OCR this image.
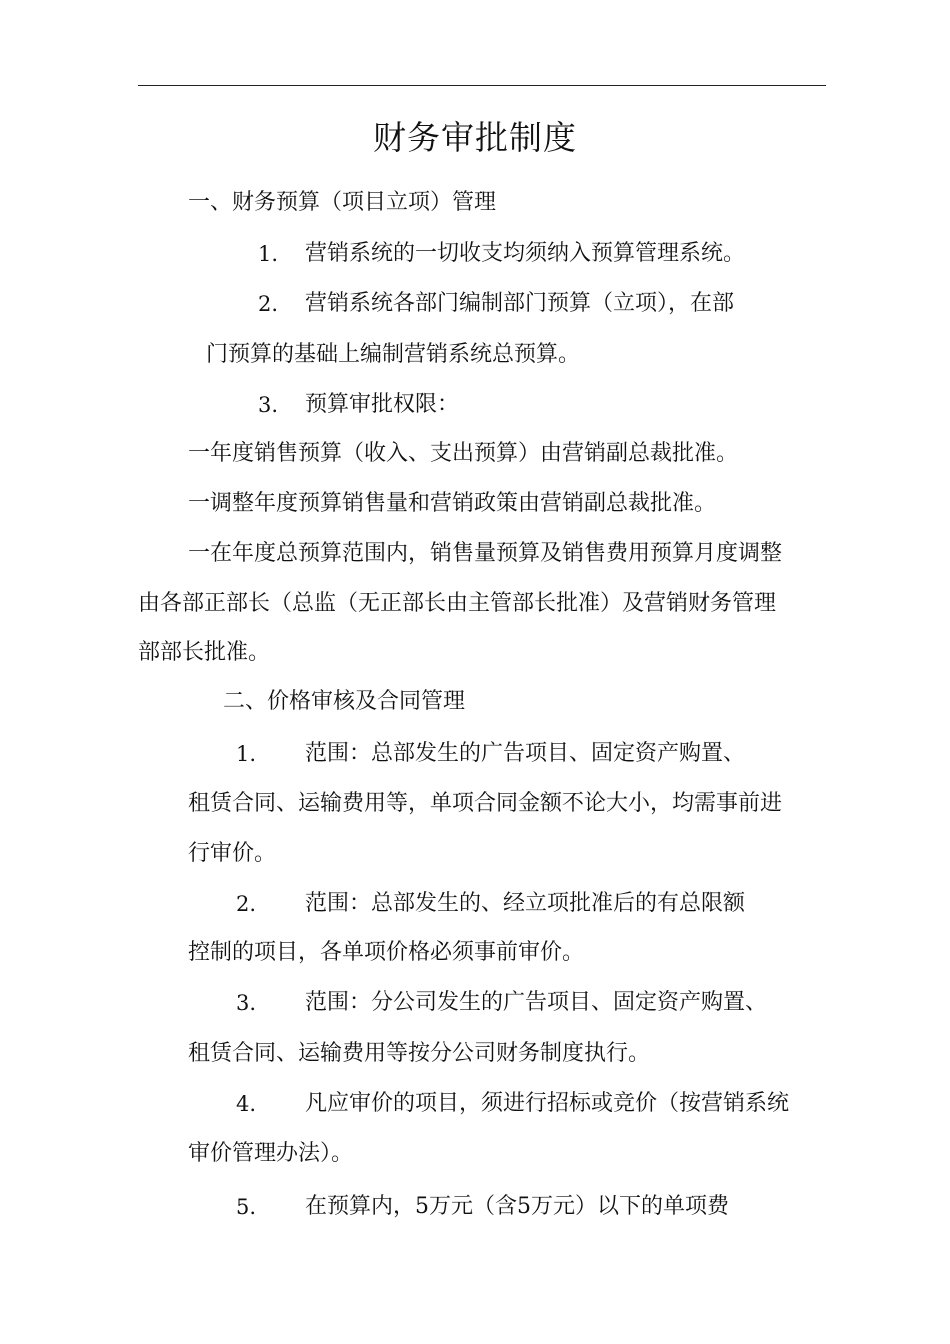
财务审批制度
一、财务预算（项目立项）管理
1. 营销系统的一切收支均须纳入预算管理系统。
2. 营销系统各部门编制部门预算（立项），在部
门预算的基础上编制营销系统总预算。
3. 预算审批权限：
一年度销售预算（收入、支出预算）由营销副总裁批准。
一调整年度预算销售量和营销政策由营销副总裁批准。
一在年度总预算范围内，销售量预算及销售费用预算月度调整
由各部正部长（总监（无正部长由主管部长批准）及营销财务管理
部部长批准。
二、价格审核及合同管理
1. 范围：总部发生的广告项目、固定资产购置、
租赁合同、运输费用等，单项合同金额不论大小，均需事前进
行审价。
2. 范围：总部发生的、经立项批准后的有总限额
控制的项目，各单项价格必须事前审价。
3. 范围：分公司发生的广告项目、固定资产购置、
租赁合同、运输费用等按分公司财务制度执行。
4. 凡应审价的项目，须进行招标或竞价（按营销系统
审价管理办法）。
5. 在预算内，5万元（含5万元）以下的单项费
